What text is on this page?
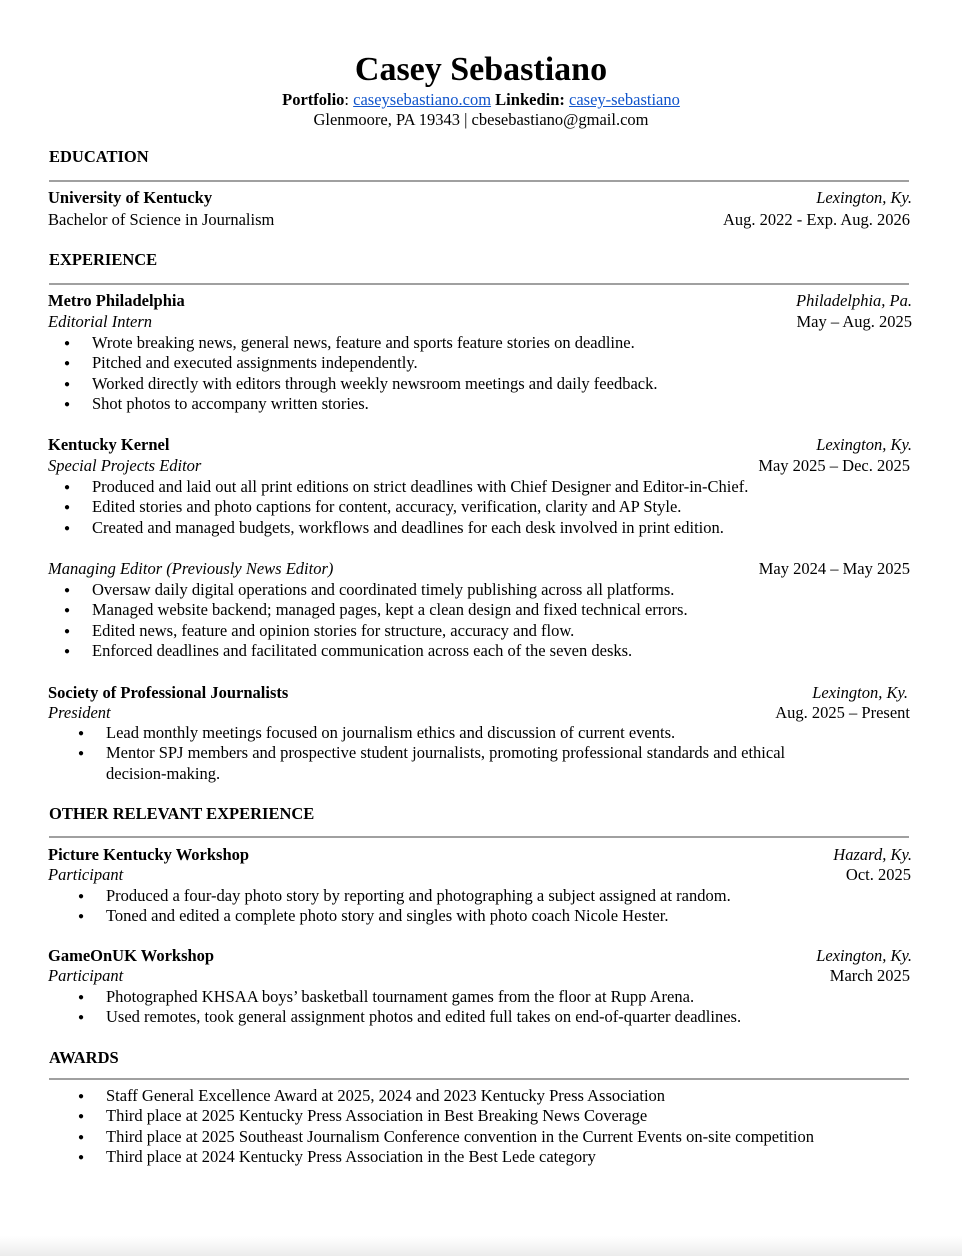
Casey Sebastiano
Portfolio: caseysebastiano.com Linkedin: casey-sebastiano
Glenmoore, PA 19343 | cbesebastiano@gmail.com
EDUCATION
University of Kentucky	Lexington, Ky.
Bachelor of Science in Journalism	Aug. 2022 - Exp. Aug. 2026
EXPERIENCE
Metro Philadelphia	Philadelphia, Pa.
Editorial Intern	May – Aug. 2025
● Wrote breaking news, general news, feature and sports feature stories on deadline.
● Pitched and executed assignments independently.
● Worked directly with editors through weekly newsroom meetings and daily feedback.
● Shot photos to accompany written stories.
Kentucky Kernel	Lexington, Ky.
Special Projects Editor	May 2025 – Dec. 2025
● Produced and laid out all print editions on strict deadlines with Chief Designer and Editor-in-Chief.
● Edited stories and photo captions for content, accuracy, verification, clarity and AP Style.
● Created and managed budgets, workflows and deadlines for each desk involved in print edition.
Managing Editor (Previously News Editor)	May 2024 – May 2025
● Oversaw daily digital operations and coordinated timely publishing across all platforms.
● Managed website backend; managed pages, kept a clean design and fixed technical errors.
● Edited news, feature and opinion stories for structure, accuracy and flow.
● Enforced deadlines and facilitated communication across each of the seven desks.
Society of Professional Journalists	Lexington, Ky.
President	Aug. 2025 – Present
● Lead monthly meetings focused on journalism ethics and discussion of current events.
● Mentor SPJ members and prospective student journalists, promoting professional standards and ethical decision-making.
OTHER RELEVANT EXPERIENCE
Picture Kentucky Workshop	Hazard, Ky.
Participant	Oct. 2025
● Produced a four-day photo story by reporting and photographing a subject assigned at random.
● Toned and edited a complete photo story and singles with photo coach Nicole Hester.
GameOnUK Workshop	Lexington, Ky.
Participant	March 2025
● Photographed KHSAA boys’ basketball tournament games from the floor at Rupp Arena.
● Used remotes, took general assignment photos and edited full takes on end-of-quarter deadlines.
AWARDS
● Staff General Excellence Award at 2025, 2024 and 2023 Kentucky Press Association
● Third place at 2025 Kentucky Press Association in Best Breaking News Coverage
● Third place at 2025 Southeast Journalism Conference convention in the Current Events on-site competition
● Third place at 2024 Kentucky Press Association in the Best Lede category
